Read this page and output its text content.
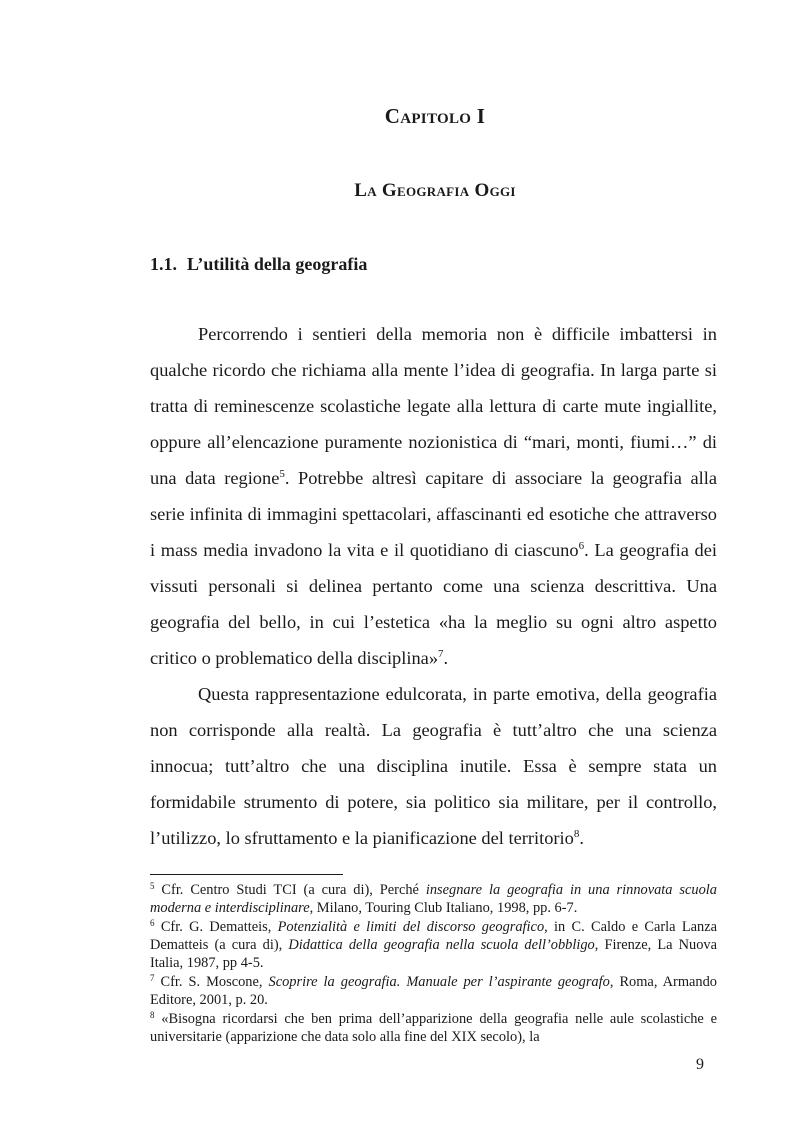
Capitolo I
La Geografia Oggi
1.1. L’utilità della geografia

Percorrendo i sentieri della memoria non è difficile imbattersi in qualche ricordo che richiama alla mente l’idea di geografia. In larga parte si tratta di reminescenze scolastiche legate alla lettura di carte mute ingiallite, oppure all’elencazione puramente nozionistica di “mari, monti, fiumi…” di una data regione$^5$. Potrebbe altresì capitare di associare la geografia alla serie infinita di immagini spettacolari, affascinanti ed esotiche che attraverso i mass media invadono la vita e il quotidiano di ciascuno$^6$. La geografia dei vissuti personali si delinea pertanto come una scienza descrittiva. Una geografia del bello, in cui l’estetica «ha la meglio su ogni altro aspetto critico o problematico della disciplina»$^7$.

Questa rappresentazione edulcorata, in parte emotiva, della geografia non corrisponde alla realtà. La geografia è tutt’altro che una scienza innocua; tutt’altro che una disciplina inutile. Essa è sempre stata un formidabile strumento di potere, sia politico sia militare, per il controllo, l’utilizzo, lo sfruttamento e la pianificazione del territorio$^8$.

$^5$ Cfr. Centro Studi TCI (a cura di), Perché insegnare la geografia in una rinnovata scuola moderna e interdisciplinare, Milano, Touring Club Italiano, 1998, pp. 6-7.

$^6$ Cfr. G. Dematteis, Potenzialità e limiti del discorso geografico, in C. Caldo e Carla Lanza Dematteis (a cura di), Didattica della geografia nella scuola dell’obbligo, Firenze, La Nuova Italia, 1987, pp 4-5.

$^7$ Cfr. S. Moscone, Scoprire la geografia. Manuale per l’aspirante geografo, Roma, Armando Editore, 2001, p. 20.

$^8$ «Bisogna ricordarsi che ben prima dell’apparizione della geografia nelle aule scolastiche e universitarie (apparizione che data solo alla fine del XIX secolo), la

9
